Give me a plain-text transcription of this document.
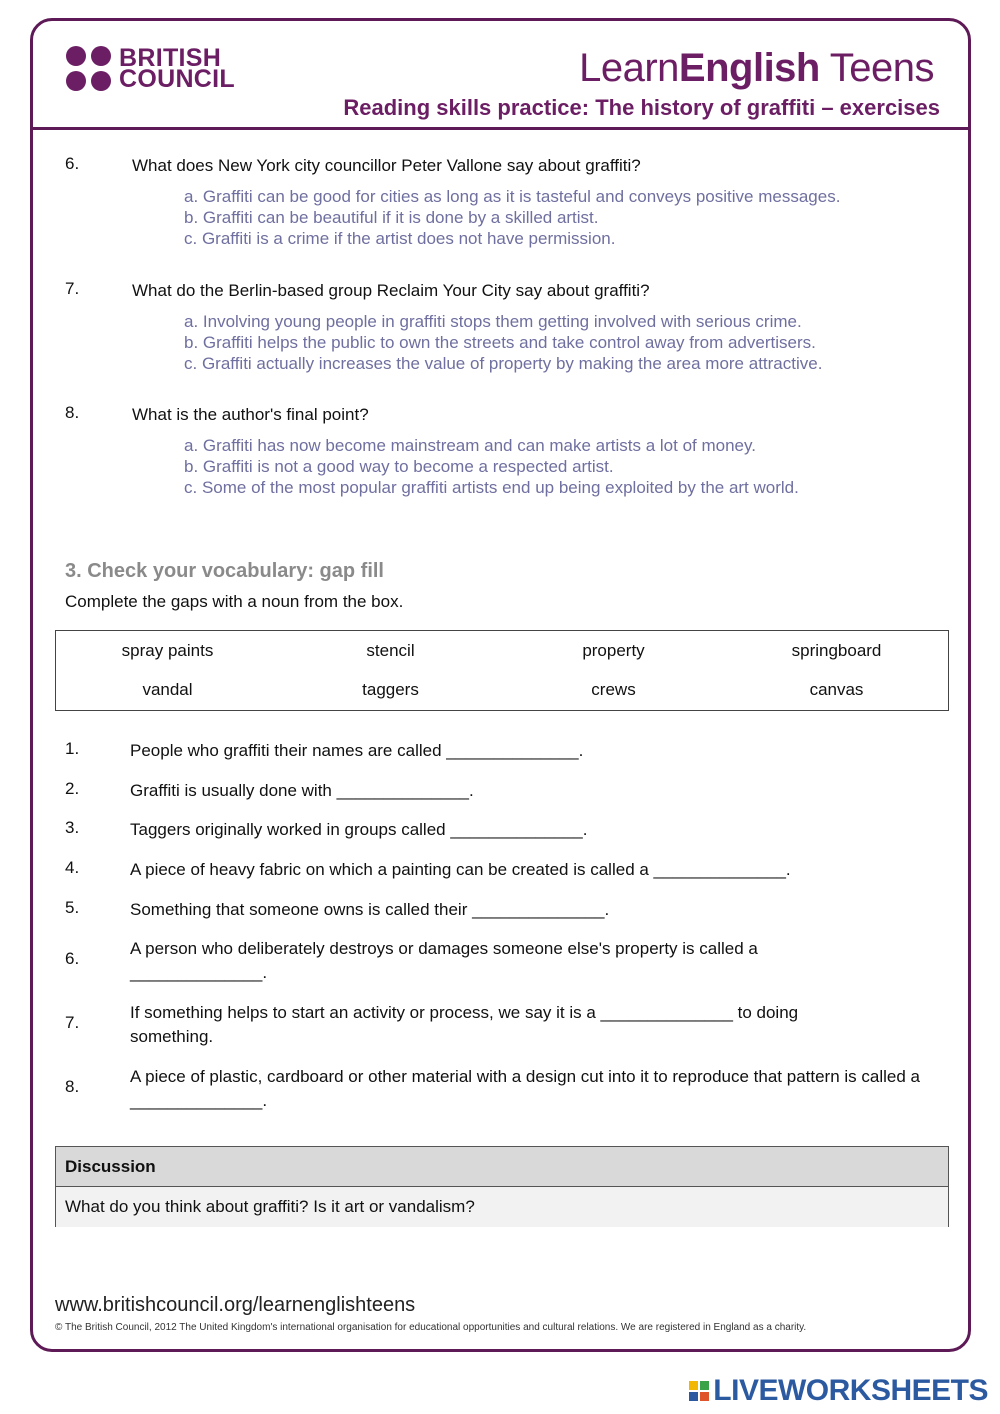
BRITISH
COUNCIL	LearnEnglish Teens
Reading skills practice: The history of graffiti – exercises
6.	What does New York city councillor Peter Vallone say about graffiti?
a. Graffiti can be good for cities as long as it is tasteful and conveys positive messages.
b. Graffiti can be beautiful if it is done by a skilled artist.
c. Graffiti is a crime if the artist does not have permission.
7.	What do the Berlin-based group Reclaim Your City say about graffiti?
a. Involving young people in graffiti stops them getting involved with serious crime.
b. Graffiti helps the public to own the streets and take control away from advertisers.
c. Graffiti actually increases the value of property by making the area more attractive.
8.	What is the author's final point?
a. Graffiti has now become mainstream and can make artists a lot of money.
b. Graffiti is not a good way to become a respected artist.
c. Some of the most popular graffiti artists end up being exploited by the art world.
3. Check your vocabulary: gap fill
Complete the gaps with a noun from the box.
spray paints	stencil	property	springboard
vandal	taggers	crews	canvas
1.	People who graffiti their names are called ______________.
2.	Graffiti is usually done with ______________.
3.	Taggers originally worked in groups called ______________.
4.	A piece of heavy fabric on which a painting can be created is called a ______________.
5.	Something that someone owns is called their ______________.
6.
A person who deliberately destroys or damages someone else's property is called a ______________.
7.
If something helps to start an activity or process, we say it is a ______________ to doing something.
8.
A piece of plastic, cardboard or other material with a design cut into it to reproduce that pattern is called a ______________.
Discussion
What do you think about graffiti? Is it art or vandalism?
www.britishcouncil.org/learnenglishteens
© The British Council, 2012 The United Kingdom's international organisation for educational opportunities and cultural relations. We are registered in England as a charity.
LIVEWORKSHEETS
